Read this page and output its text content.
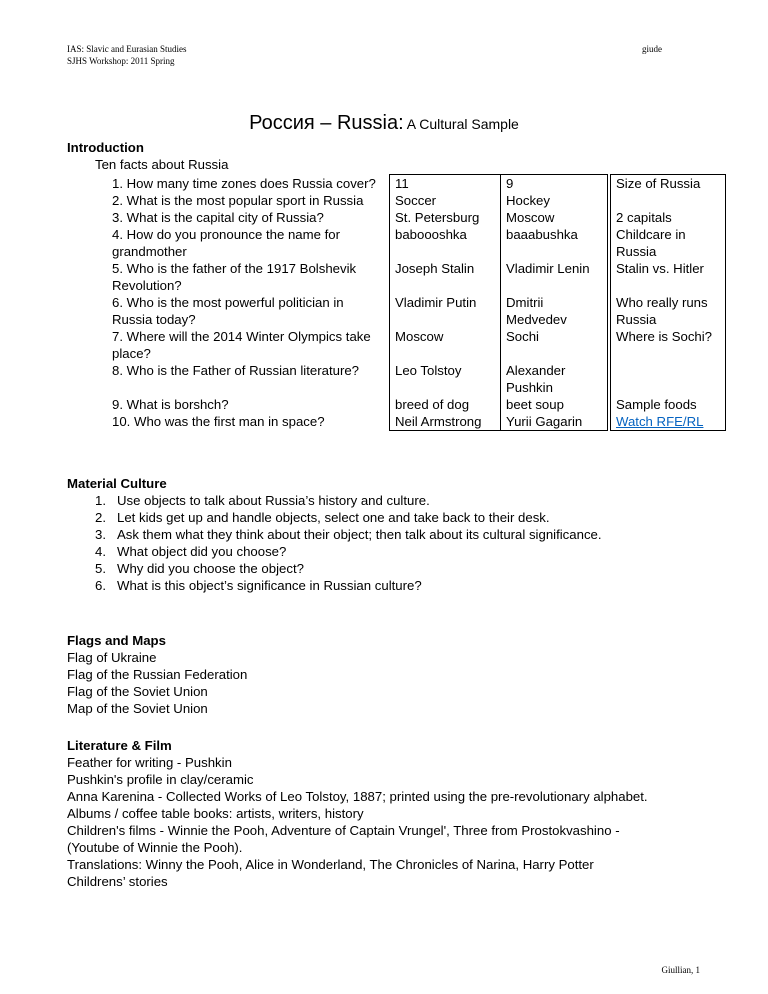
IAS: Slavic and Eurasian Studies
SJHS Workshop: 2011 Spring
giude
Россия – Russia: A Cultural Sample
Introduction
Ten facts about Russia
1. How many time zones does Russia cover?	11	9		Size of Russia
2. What is the most popular sport in Russia	Soccer	Hockey		
3. What is the capital city of Russia?	St. Petersburg	Moscow		2 capitals
4. How do you pronounce the name for grandmother	baboooshka	baaabushka		Childcare in Russia
5. Who is the father of the 1917 Bolshevik Revolution?	Joseph Stalin	Vladimir Lenin		Stalin vs. Hitler
6. Who is the most powerful politician in Russia today?	Vladimir Putin	Dmitrii Medvedev		Who really runs Russia
7. Where will the 2014 Winter Olympics take place?	Moscow	Sochi		Where is Sochi?
8. Who is the Father of Russian literature?	Leo Tolstoy	Alexander Pushkin		
9. What is borshch?	breed of dog	beet soup		Sample foods
10. Who was the first man in space?	Neil Armstrong	Yurii Gagarin		Watch RFE/RL
Material Culture
1. Use objects to talk about Russia’s history and culture.
2. Let kids get up and handle objects, select one and take back to their desk.
3. Ask them what they think about their object; then talk about its cultural significance.
4. What object did you choose?
5. Why did you choose the object?
6. What is this object’s significance in Russian culture?
Flags and Maps
Flag of Ukraine
Flag of the Russian Federation
Flag of the Soviet Union
Map of the Soviet Union
Literature & Film
Feather for writing - Pushkin
Pushkin's profile in clay/ceramic
Anna Karenina - Collected Works of Leo Tolstoy, 1887; printed using the pre-revolutionary alphabet.
Albums / coffee table books: artists, writers, history
Children's films - Winnie the Pooh, Adventure of Captain Vrungel', Three from Prostokvashino -
(Youtube of Winnie the Pooh).
Translations: Winny the Pooh, Alice in Wonderland, The Chronicles of Narina, Harry Potter
Childrens’ stories
Giullian, 1
